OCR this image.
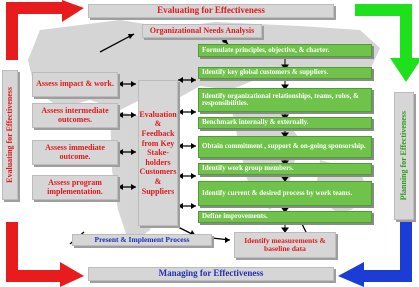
Evaluating for Effectiveness
Managing for Effectiveness
Evaluating for Effectiveness	Planning for Effectiveness
Organizational Needs Analysis
Evaluation & Feedback from Key Stake-holders Customers & Suppliers
Assess impact & work.
Assess intermediate outcomes.
Assess immediate outcome.
Assess program implementation.
Formulate principles, objective, & charter.
Identify key global customers & suppliers.
Identify organizational relationships, teams, roles, & responsibilities.
Benchmark internally & externally.
Obtain commitment , support & on-going sponsorship.
Identify work group members.
Identify current & desired process by work teams.
Define improvements.
Present & Implement Process	Identify measurements & baseline data
